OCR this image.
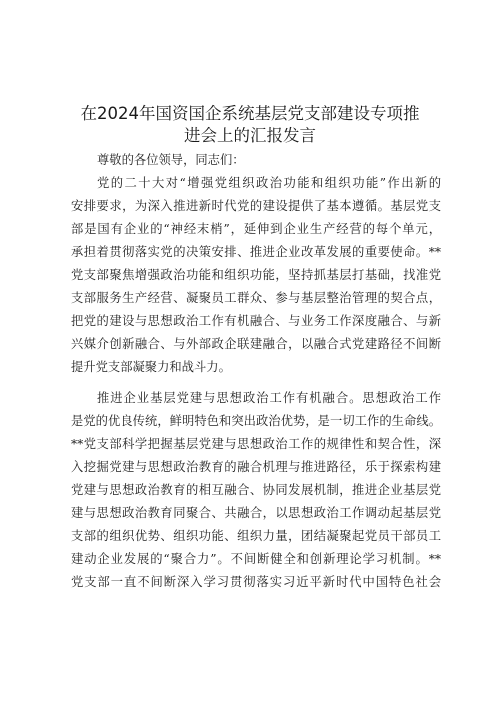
在2024年国资国企系统基层党支部建设专项推
进会上的汇报发言
尊敬的各位领导，同志们：
党的二十大对“增强党组织政治功能和组织功能”作出新的
安排要求，为深入推进新时代党的建设提供了基本遵循。基层党支
部是国有企业的“神经末梢”，延伸到企业生产经营的每个单元，
承担着贯彻落实党的决策安排、推进企业改革发展的重要使命。**
党支部聚焦增强政治功能和组织功能，坚持抓基层打基础，找准党
支部服务生产经营、凝聚员工群众、参与基层整治管理的契合点，
把党的建设与思想政治工作有机融合、与业务工作深度融合、与新
兴媒介创新融合、与外部政企联建融合，以融合式党建路径不间断
提升党支部凝聚力和战斗力。
推进企业基层党建与思想政治工作有机融合。思想政治工作
是党的优良传统，鲜明特色和突出政治优势，是一切工作的生命线。
**党支部科学把握基层党建与思想政治工作的规律性和契合性，深
入挖掘党建与思想政治教育的融合机理与推进路径，乐于探索构建
党建与思想政治教育的相互融合、协同发展机制，推进企业基层党
建与思想政治教育同聚合、共融合，以思想政治工作调动起基层党
支部的组织优势、组织功能、组织力量，团结凝聚起党员干部员工
建动企业发展的“聚合力”。不间断健全和创新理论学习机制。**
党支部一直不间断深入学习贯彻落实习近平新时代中国特色社会
